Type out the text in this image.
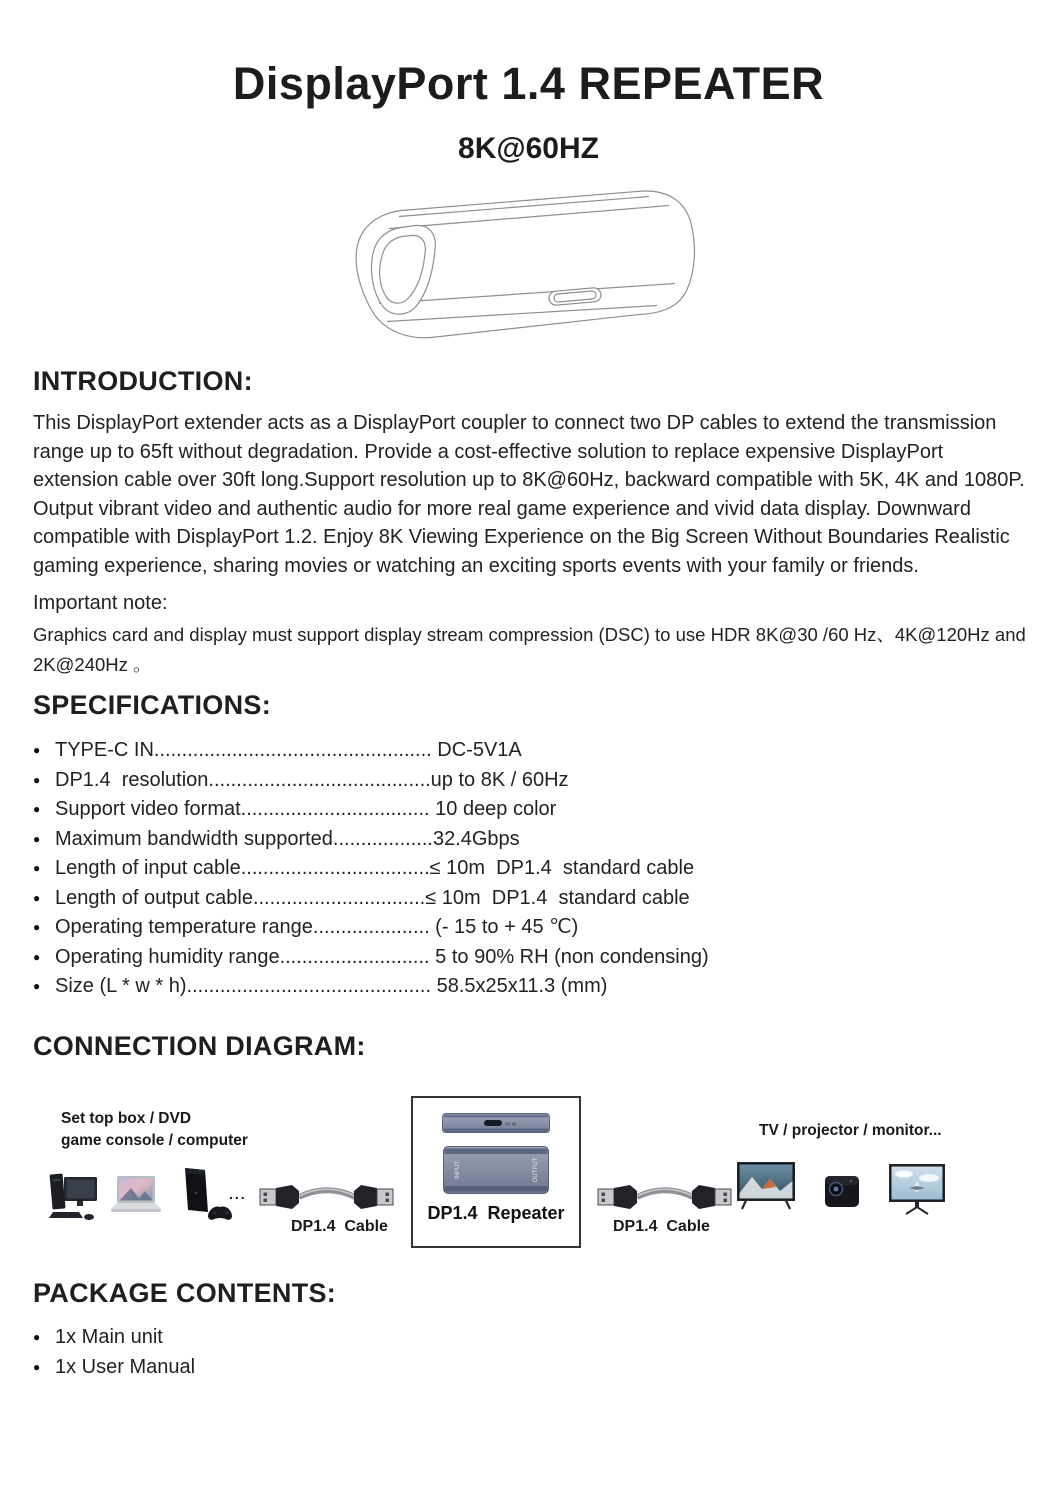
DisplayPort 1.4 REPEATER
8K@60HZ
INTRODUCTION:
This DisplayPort extender acts as a DisplayPort coupler to connect two DP cables to extend the transmission range up to 65ft without degradation. Provide a cost-effective solution to replace expensive DisplayPort extension cable over 30ft long.Support resolution up to 8K@60Hz, backward compatible with 5K, 4K and 1080P. Output vibrant video and authentic audio for more real game experience and vivid data display. Downward compatible with DisplayPort 1.2. Enjoy 8K Viewing Experience on the Big Screen Without Boundaries Realistic gaming experience, sharing movies or watching an exciting sports events with your family or friends.
Important note:
Graphics card and display must support display stream compression (DSC) to use HDR 8K@30 /60 Hz、4K@120Hz and 2K@240Hz 。
SPECIFICATIONS:
● TYPE-C IN.................................................. DC-5V1A
● DP1.4  resolution........................................up to 8K / 60Hz
● Support video format.................................. 10 deep color
● Maximum bandwidth supported..................32.4Gbps
● Length of input cable..................................≤ 10m  DP1.4  standard cable
● Length of output cable...............................≤ 10m  DP1.4  standard cable
● Operating temperature range..................... (- 15 to + 45 ℃)
● Operating humidity range........................... 5 to 90% RH (non condensing)
● Size (L * w * h)............................................ 58.5x25x11.3 (mm)
CONNECTION DIAGRAM:
Set top box / DVD
game console / computer
...
DP1.4  Cable
5V IN
INPUT	OUTPUT
DP1.4  Repeater
DP1.4  Cable
TV / projector / monitor...
PACKAGE CONTENTS:
● 1x Main unit
● 1x User Manual
